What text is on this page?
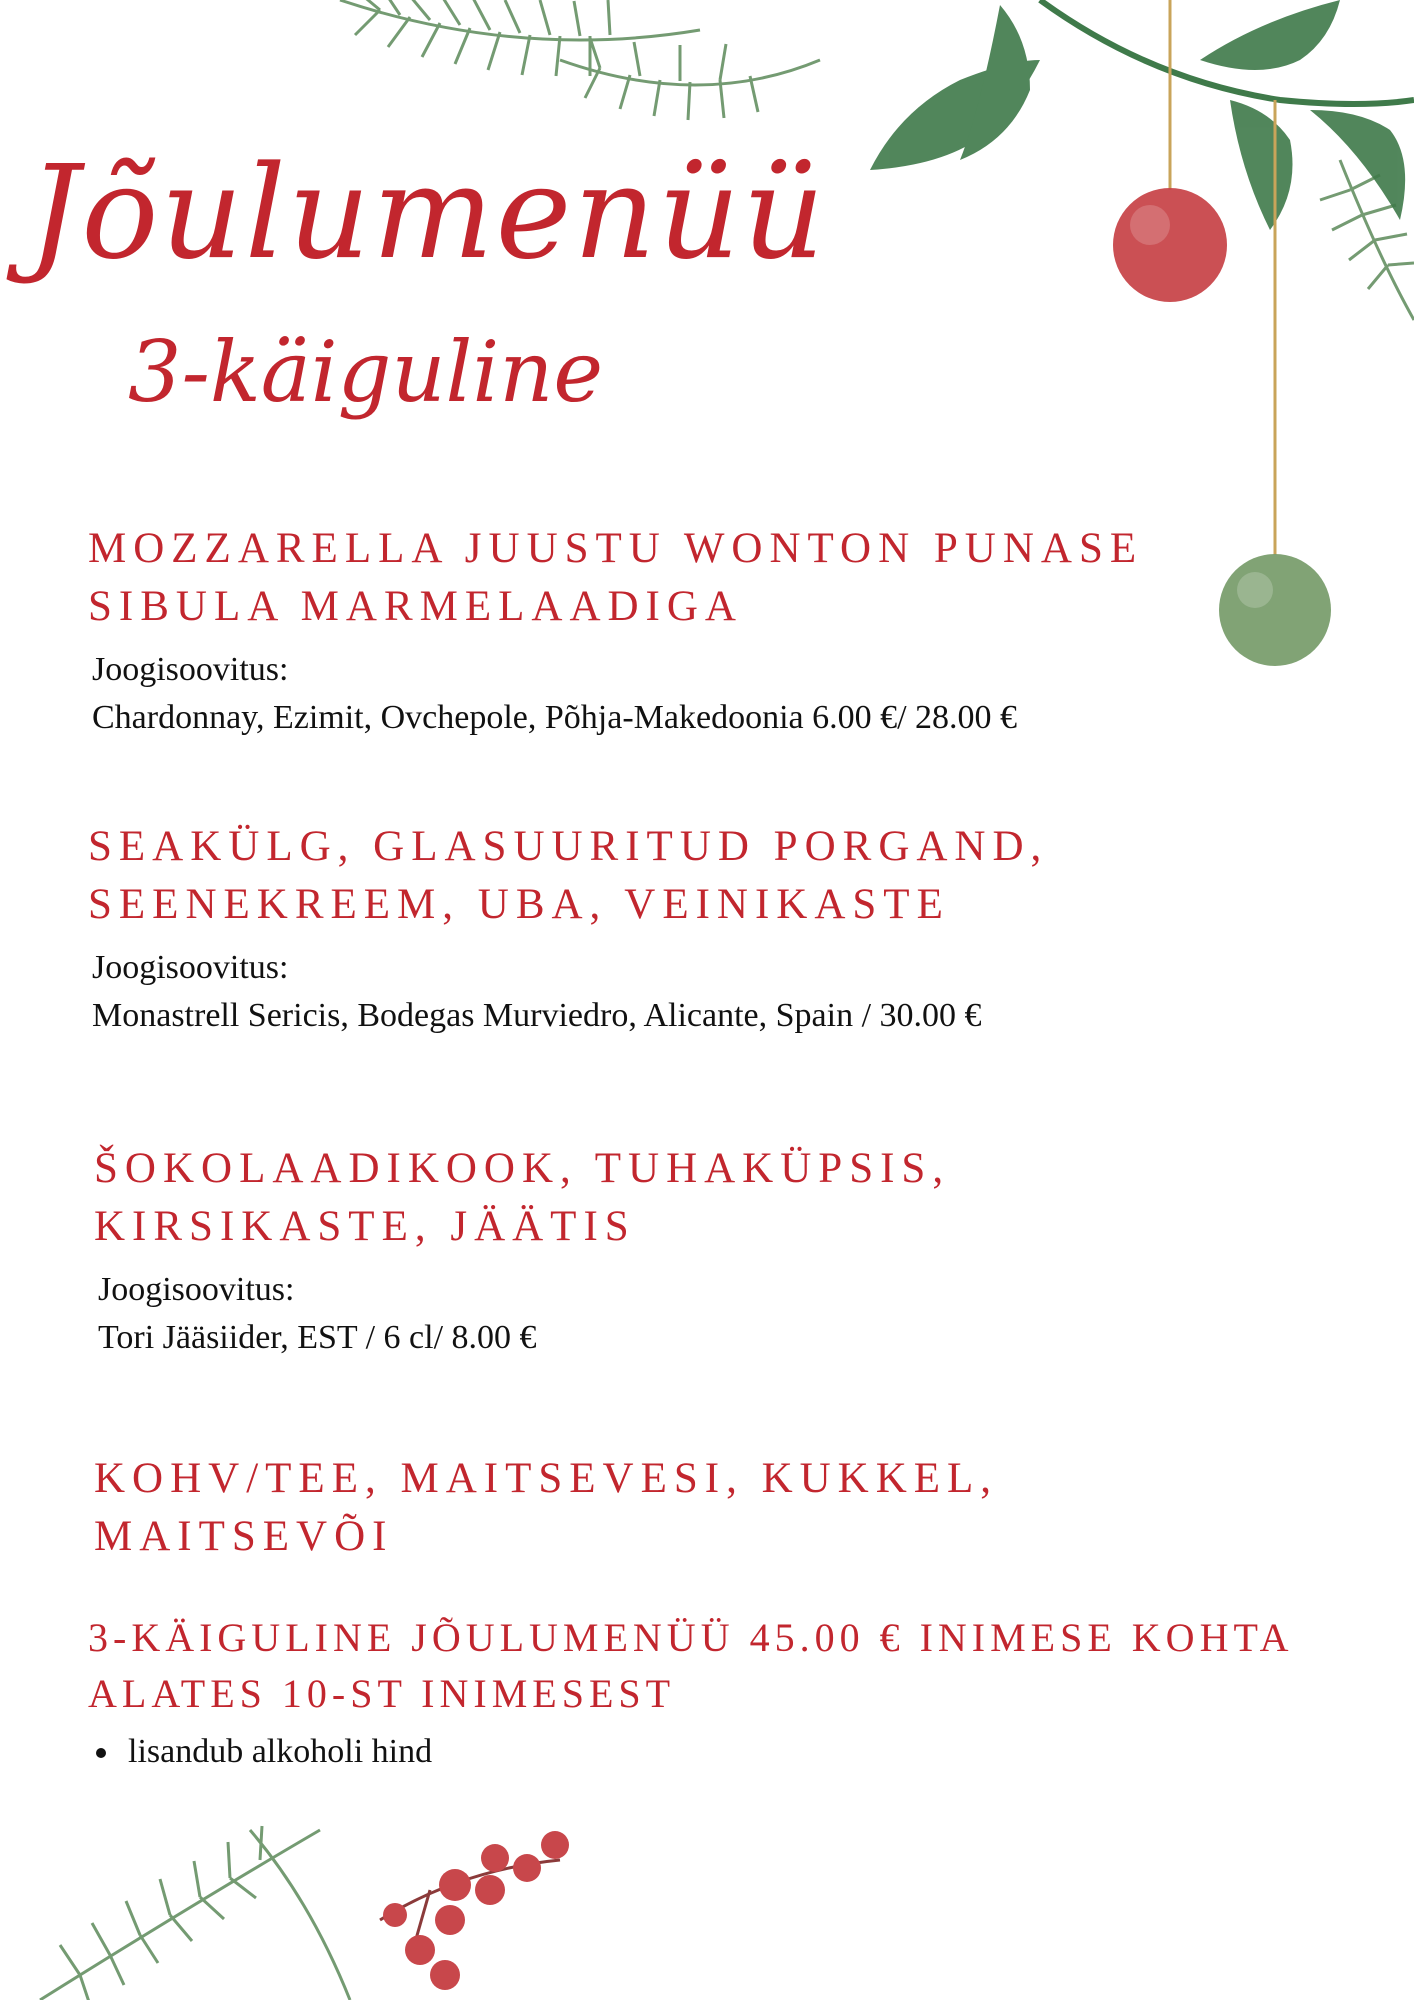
Jõulumenüü
3-käiguline
MOZZARELLA JUUSTU WONTON PUNASE
SIBULA MARMELAADIGA

Joogisoovitus:

Chardonnay, Ezimit, Ovchepole, Põhja-Makedoonia 6.00 €/ 28.00 €

SEAKÜLG, GLASUURITUD PORGAND,
SEENEKREEM, UBA, VEINIKASTE

Joogisoovitus:

Monastrell Sericis, Bodegas Murviedro, Alicante, Spain / 30.00 €

ŠOKOLAADIKOOK, TUHAKÜPSIS,
KIRSIKASTE, JÄÄTIS

Joogisoovitus:

Tori Jääsiider, EST / 6 cl/ 8.00 €

KOHV/TEE, MAITSEVESI, KUKKEL,
MAITSEVÕI
3-KÄIGULINE JÕULUMENÜÜ 45.00 € INIMESE KOHTA
ALATES 10-ST INIMESEST
lisandub alkoholi hind
